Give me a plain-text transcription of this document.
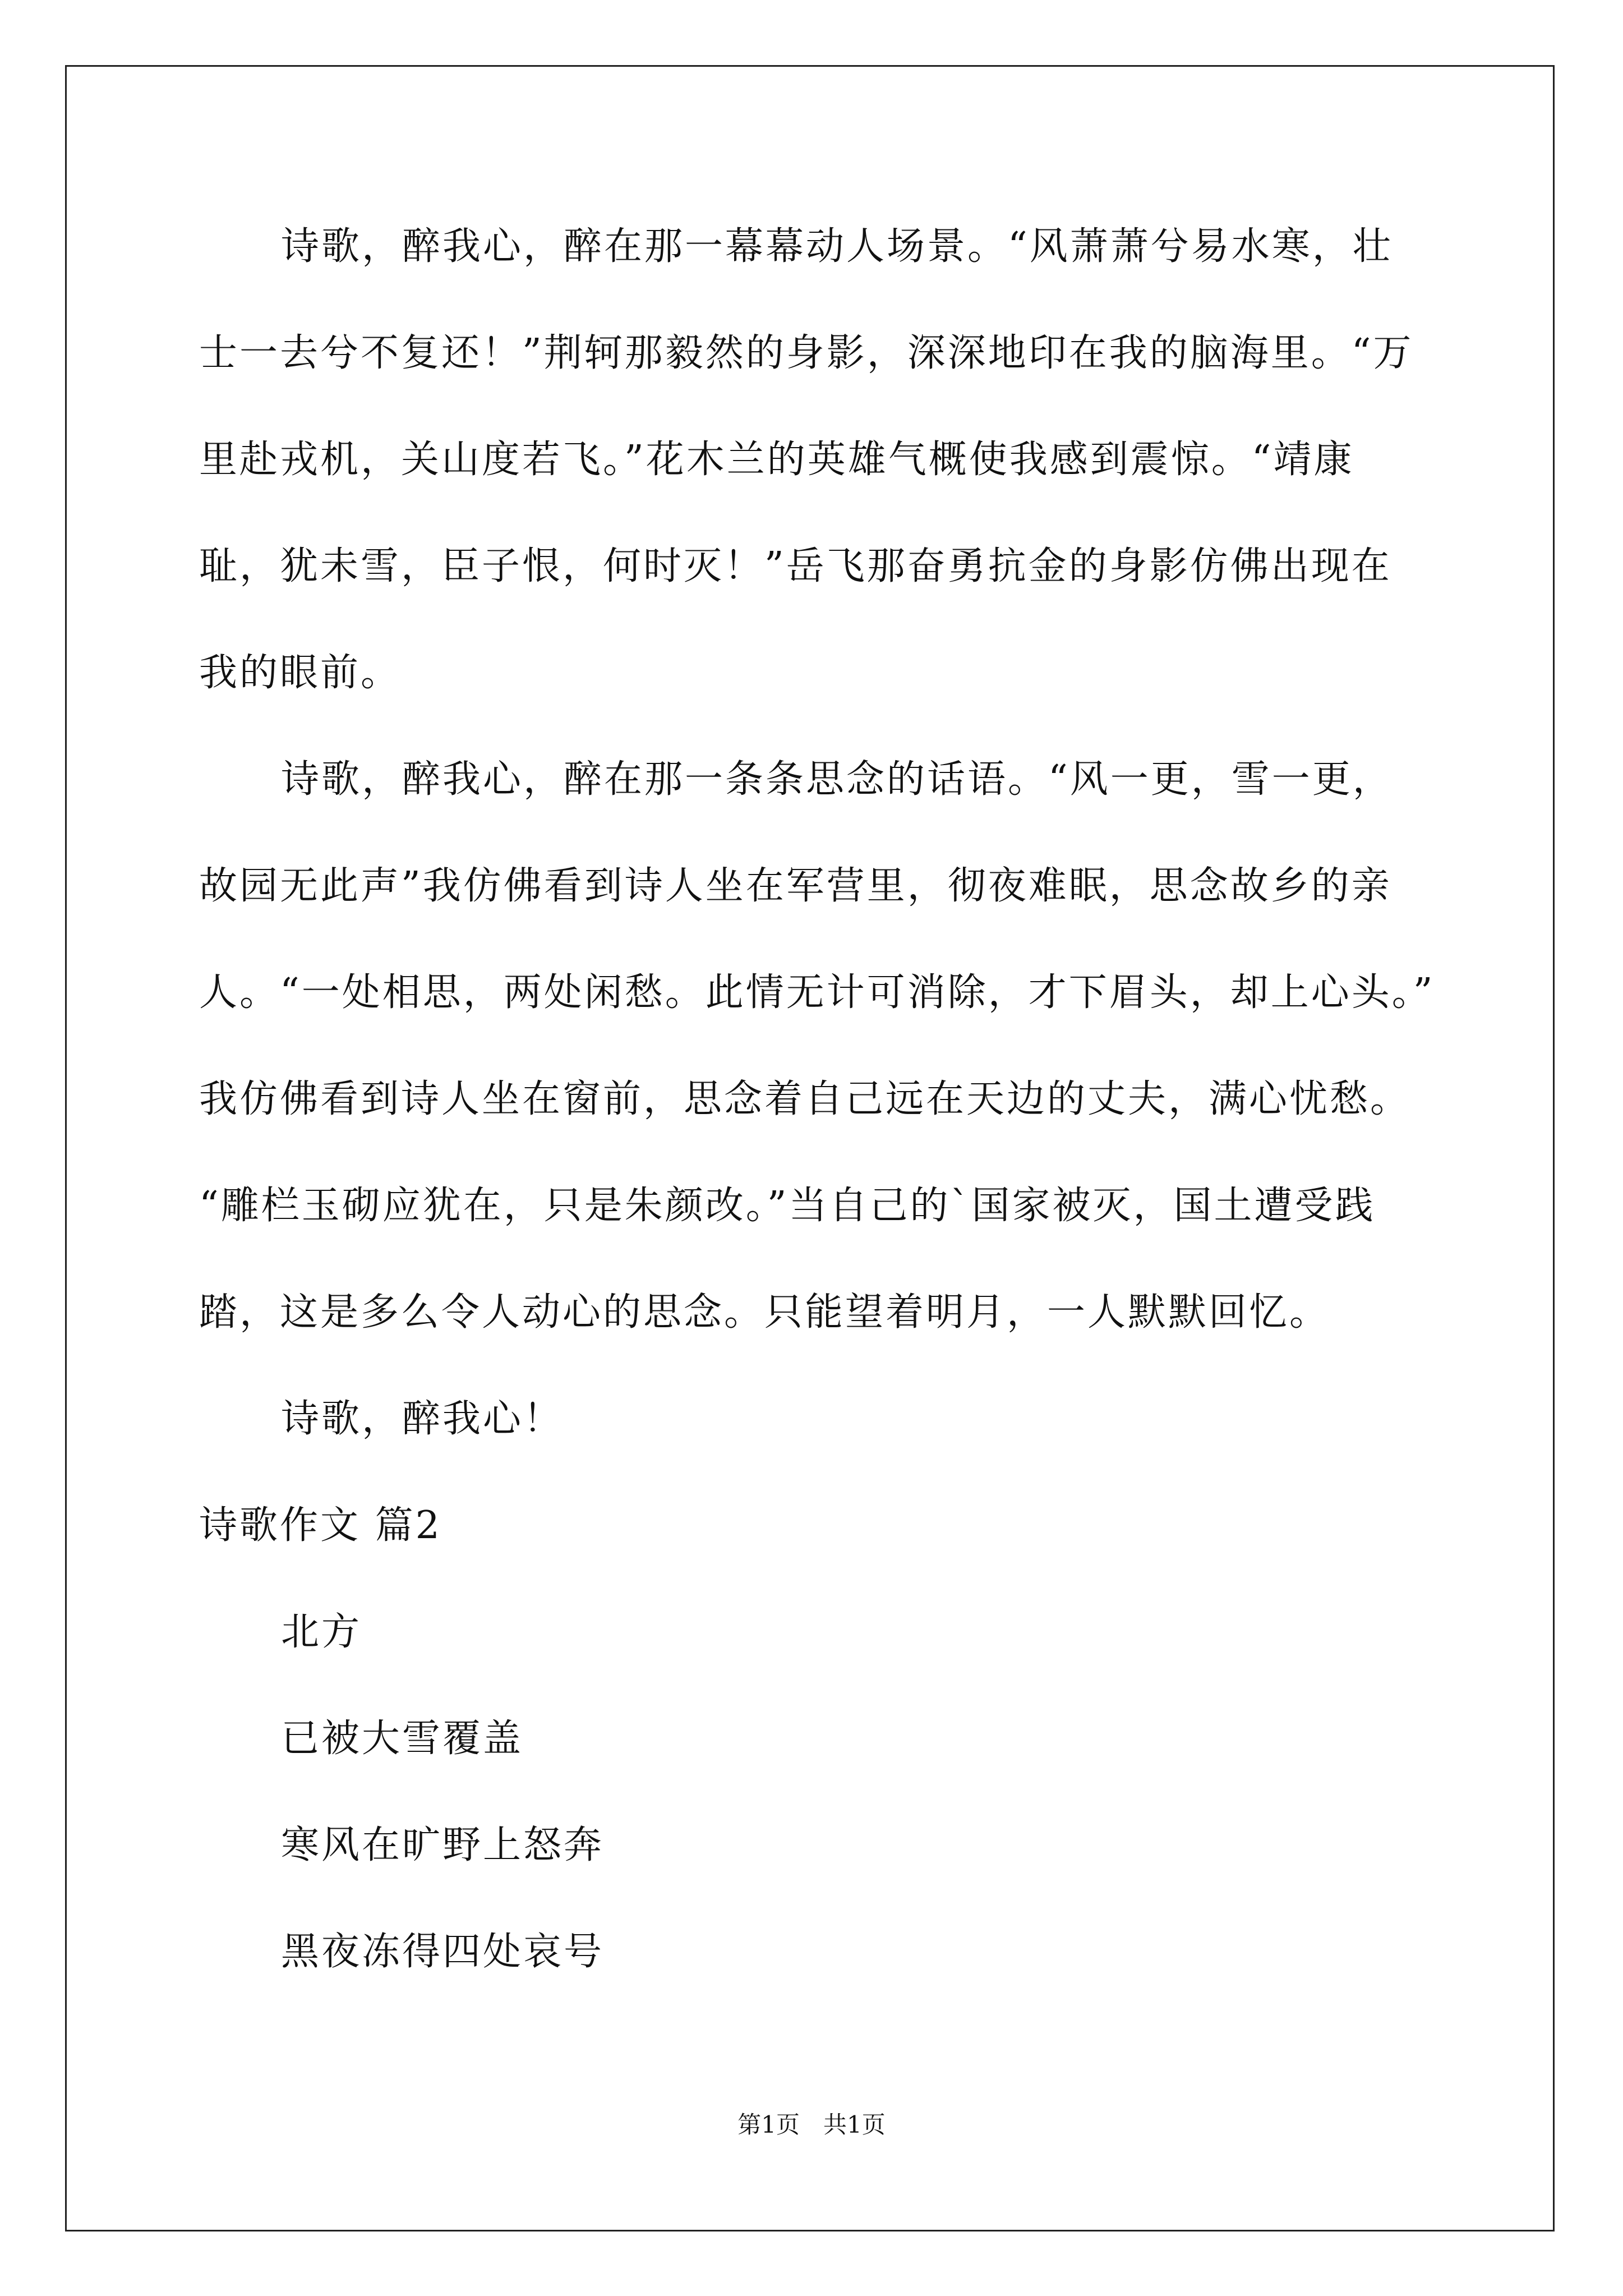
诗歌，醉我心，醉在那一幕幕动人场景。“风萧萧兮易水寒，壮
士一去兮不复还！”荆轲那毅然的身影，深深地印在我的脑海里。“万
里赴戎机，关山度若飞。”花木兰的英雄气概使我感到震惊。“靖康
耻，犹未雪，臣子恨，何时灭！”岳飞那奋勇抗金的身影仿佛出现在
我的眼前。
诗歌，醉我心，醉在那一条条思念的话语。“风一更，雪一更，
故园无此声”我仿佛看到诗人坐在军营里，彻夜难眠，思念故乡的亲
人。“一处相思，两处闲愁。此情无计可消除，才下眉头，却上心头。”
我仿佛看到诗人坐在窗前，思念着自己远在天边的丈夫，满心忧愁。
“雕栏玉砌应犹在，只是朱颜改。”当自己的`国家被灭，国土遭受践
踏，这是多么令人动心的思念。只能望着明月，一人默默回忆。
诗歌，醉我心！
诗歌作文 篇2
北方
已被大雪覆盖
寒风在旷野上怒奔
黑夜冻得四处哀号
第1页　共1页
